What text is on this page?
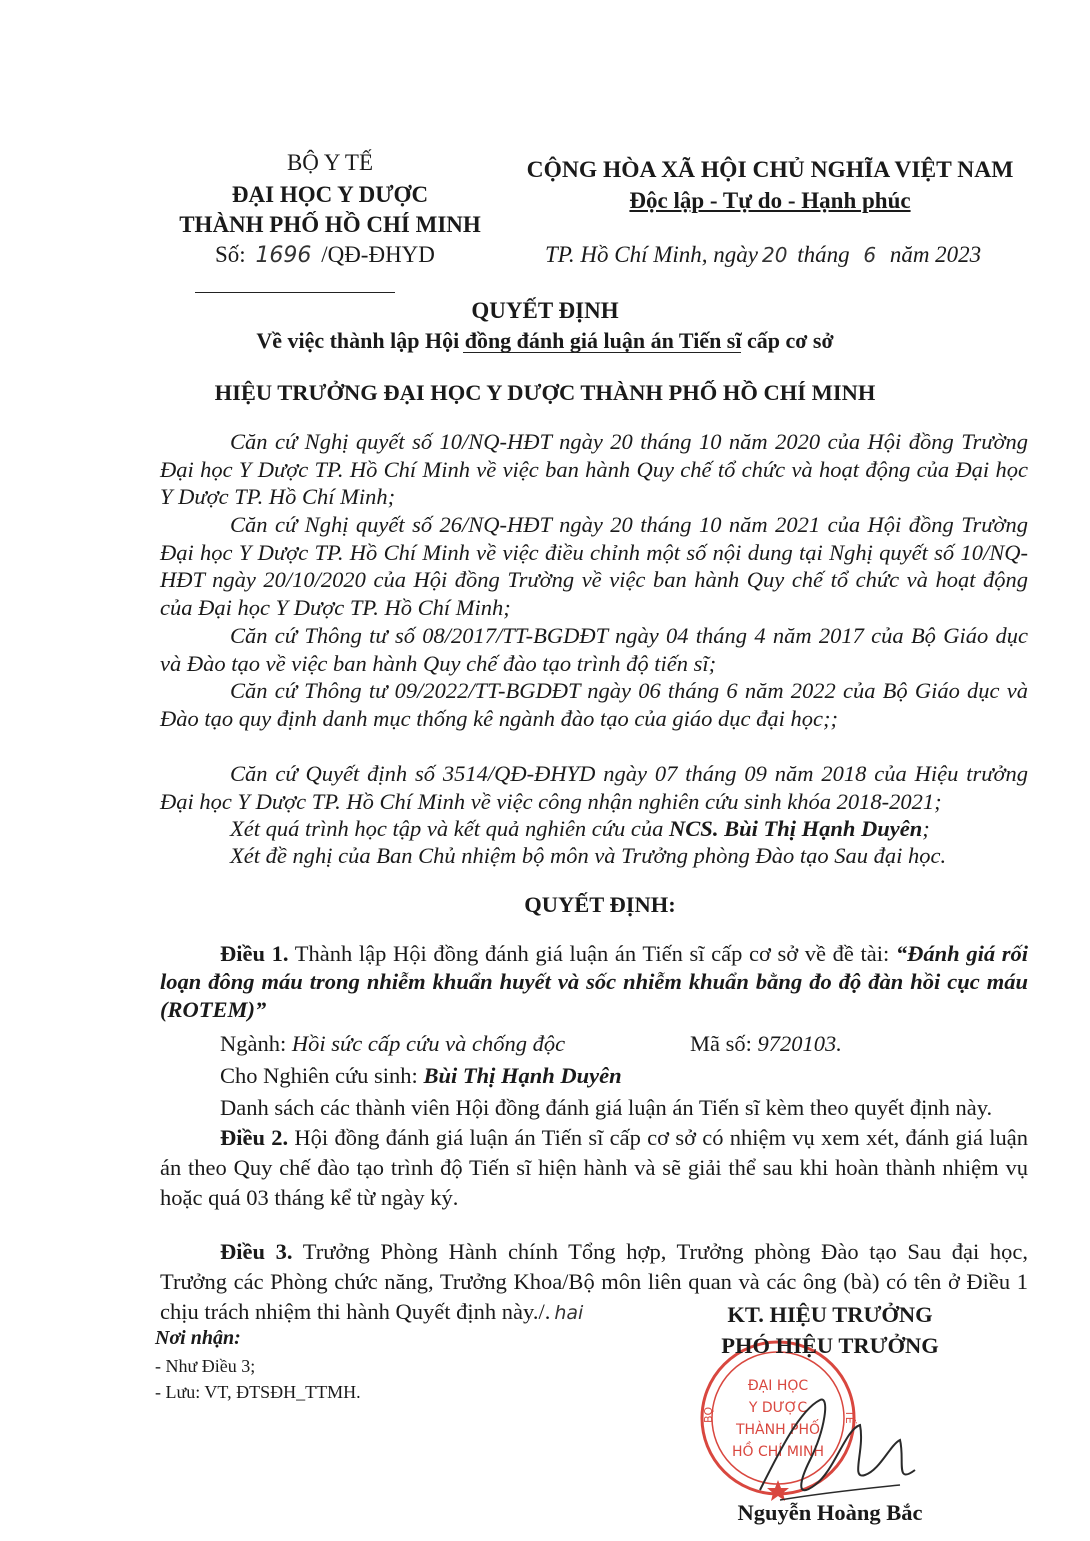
BỘ Y TẾ
ĐẠI HỌC Y DƯỢC
THÀNH PHỐ HỒ CHÍ MINH
Số: 1696 /QĐ-ĐHYD
CỘNG HÒA XÃ HỘI CHỦ NGHĨA VIỆT NAM
Độc lập - Tự do - Hạnh phúc
TP. Hồ Chí Minh, ngày 20 tháng 6 năm 2023
QUYẾT ĐỊNH
Về việc thành lập Hội đồng đánh giá luận án Tiến sĩ cấp cơ sở
HIỆU TRƯỞNG ĐẠI HỌC Y DƯỢC THÀNH PHỐ HỒ CHÍ MINH
Căn cứ Nghị quyết số 10/NQ-HĐT ngày 20 tháng 10 năm 2020 của Hội đồng Trường Đại học Y Dược TP. Hồ Chí Minh về việc ban hành Quy chế tổ chức và hoạt động của Đại học Y Dược TP. Hồ Chí Minh;
Căn cứ Nghị quyết số 26/NQ-HĐT ngày 20 tháng 10 năm 2021 của Hội đồng Trường Đại học Y Dược TP. Hồ Chí Minh về việc điều chỉnh một số nội dung tại Nghị quyết số 10/NQ-HĐT ngày 20/10/2020 của Hội đồng Trường về việc ban hành Quy chế tổ chức và hoạt động của Đại học Y Dược TP. Hồ Chí Minh;
Căn cứ Thông tư số 08/2017/TT-BGDĐT ngày 04 tháng 4 năm 2017 của Bộ Giáo dục và Đào tạo về việc ban hành Quy chế đào tạo trình độ tiến sĩ;
Căn cứ Thông tư 09/2022/TT-BGDĐT ngày 06 tháng 6 năm 2022 của Bộ Giáo dục và Đào tạo quy định danh mục thống kê ngành đào tạo của giáo dục đại học;;
Căn cứ Quyết định số 3514/QĐ-ĐHYD ngày 07 tháng 09 năm 2018 của Hiệu trưởng Đại học Y Dược TP. Hồ Chí Minh về việc công nhận nghiên cứu sinh khóa 2018-2021;
Xét quá trình học tập và kết quả nghiên cứu của NCS. Bùi Thị Hạnh Duyên;
Xét đề nghị của Ban Chủ nhiệm bộ môn và Trưởng phòng Đào tạo Sau đại học.
QUYẾT ĐỊNH:
Điều 1. Thành lập Hội đồng đánh giá luận án Tiến sĩ cấp cơ sở về đề tài: “Đánh giá rối loạn đông máu trong nhiễm khuẩn huyết và sốc nhiễm khuẩn bằng đo độ đàn hồi cục máu (ROTEM)”
Ngành: Hồi sức cấp cứu và chống độc	Mã số: 9720103.
Cho Nghiên cứu sinh: Bùi Thị Hạnh Duyên
Danh sách các thành viên Hội đồng đánh giá luận án Tiến sĩ kèm theo quyết định này.
Điều 2. Hội đồng đánh giá luận án Tiến sĩ cấp cơ sở có nhiệm vụ xem xét, đánh giá luận án theo Quy chế đào tạo trình độ Tiến sĩ hiện hành và sẽ giải thể sau khi hoàn thành nhiệm vụ hoặc quá 03 tháng kể từ ngày ký.
Điều 3. Trưởng Phòng Hành chính Tổng hợp, Trưởng phòng Đào tạo Sau đại học, Trưởng các Phòng chức năng, Trưởng Khoa/Bộ môn liên quan và các ông (bà) có tên ở Điều 1 chịu trách nhiệm thi hành Quyết định này./. hai
Nơi nhận:
- Như Điều 3;
- Lưu: VT, ĐTSĐH_TTMH.	ĐẠI HỌC
Y DƯỢC
THÀNH PHỐ
HỒ CHÍ MINH
BỘ	TẾ
KT. HIỆU TRƯỞNG
PHÓ HIỆU TRƯỞNG
Nguyễn Hoàng Bắc
